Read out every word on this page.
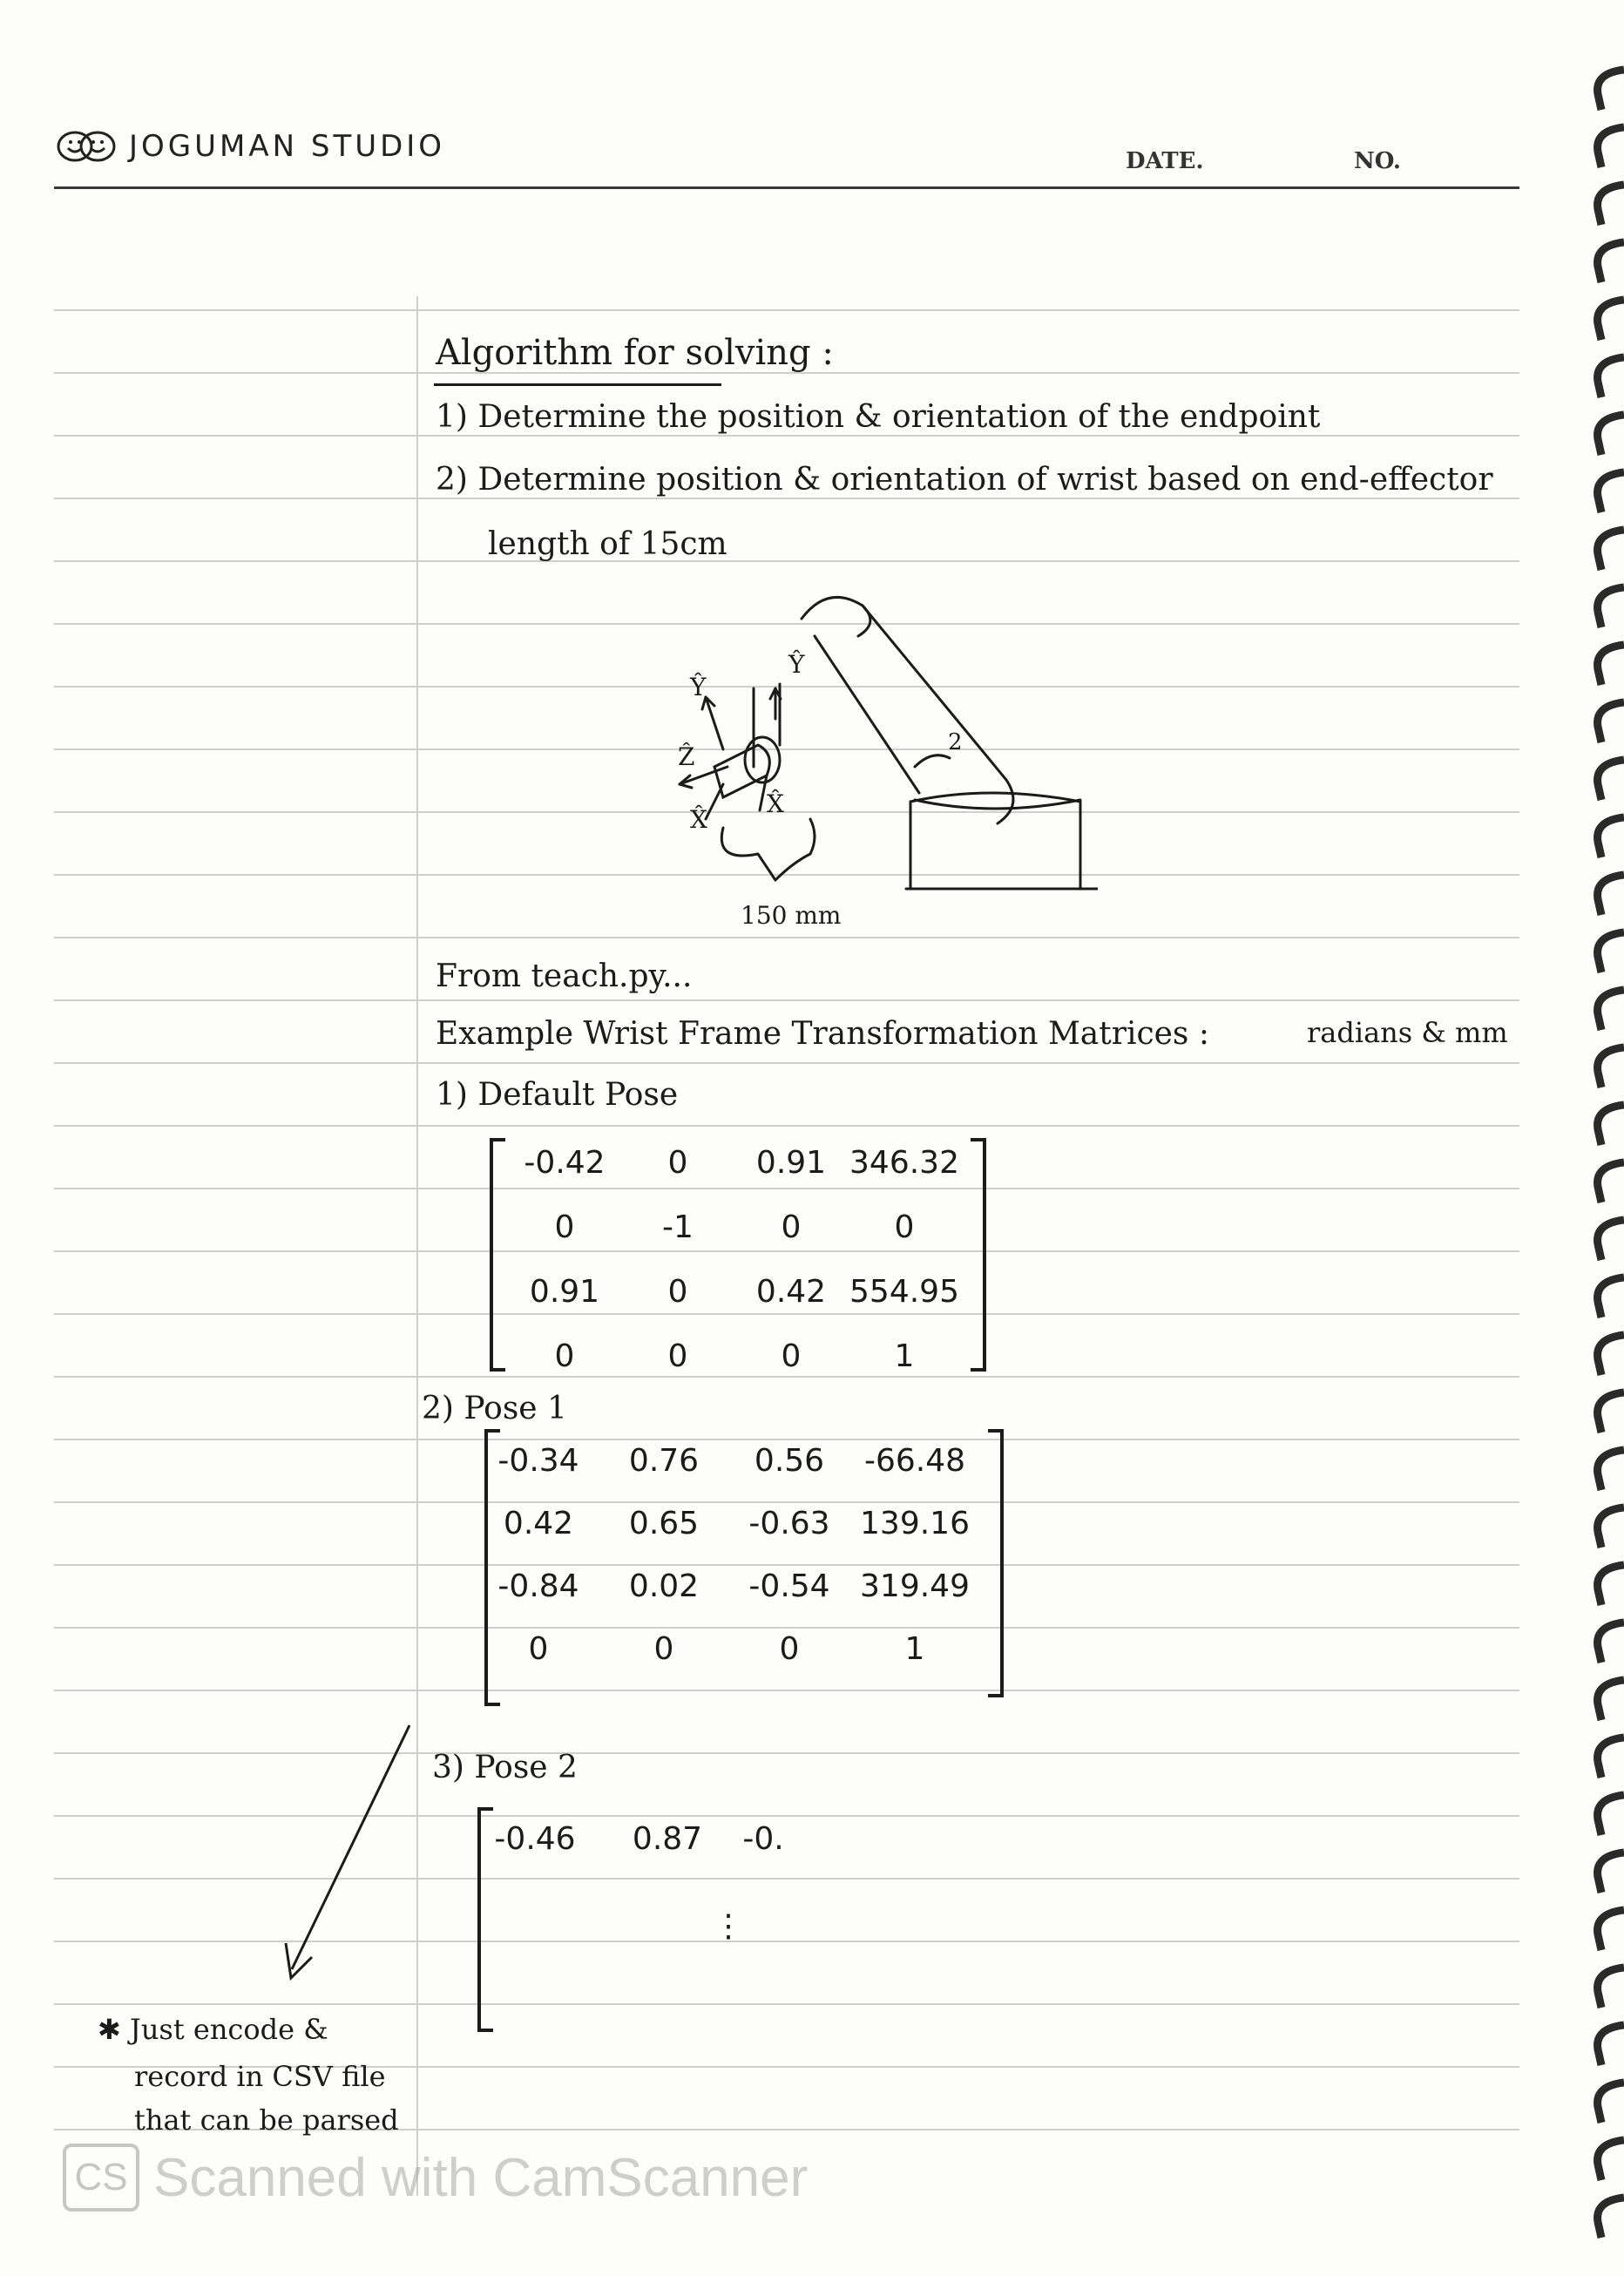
JOGUMAN STUDIO	DATE.	NO.
Algorithm for solving :
1) Determine the position & orientation of the endpoint
2) Determine position & orientation of wrist based on end-effector
length of 15cm
Ẑ
Ŷ
Ŷ
X̂
X̂
2
150 mm
From teach.py...
Example Wrist Frame Transformation Matrices :	radians & mm
1) Default Pose
-0.42	0	0.91 346.32
0	-1	0	0
0.91	0	0.42 554.95
0	0	0	1
2) Pose 1
-0.34	0.76	0.56	-66.48
0.42	0.65	-0.63 139.16
-0.84	0.02	-0.54 319.49
0	0	0	1
3) Pose 2
-0.46	0.87	-0.
⋮
✱ Just encode &
record in CSV file
that can be parsed
CS Scanned with CamScanner
